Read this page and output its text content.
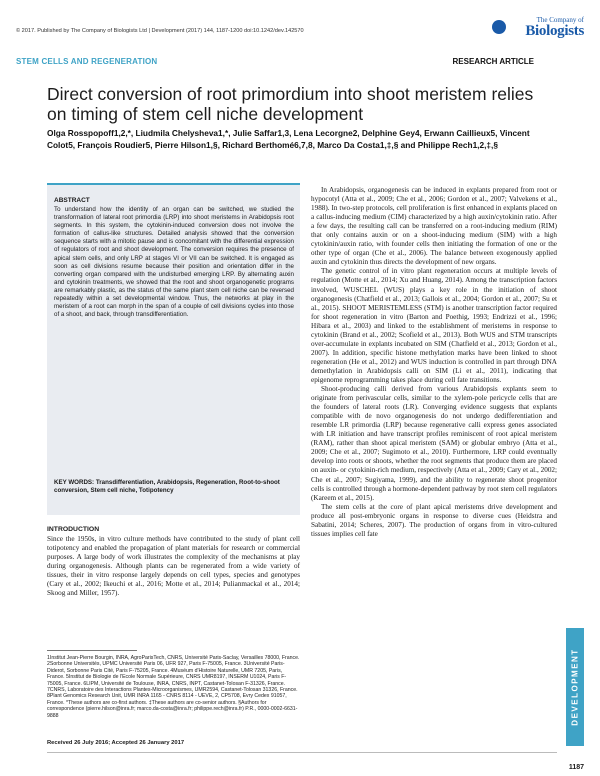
© 2017. Published by The Company of Biologists Ltd | Development (2017) 144, 1187-1200 doi:10.1242/dev.142570
The Company of
Biologists
STEM CELLS AND REGENERATION	RESEARCH ARTICLE
Direct conversion of root primordium into shoot meristem relies on timing of stem cell niche development

Olga Rosspopoff1,2,*, Liudmila Chelysheva1,*, Julie Saffar1,3, Lena Lecorgne2, Delphine Gey4, Erwann Caillieux5, Vincent Colot5, François Roudier5, Pierre Hilson1,§, Richard Berthomé6,7,8, Marco Da Costa1,‡,§ and Philippe Rech1,2,‡,§

ABSTRACT

To understand how the identity of an organ can be switched, we studied the transformation of lateral root primordia (LRP) into shoot meristems in Arabidopsis root segments. In this system, the cytokinin-induced conversion does not involve the formation of callus-like structures. Detailed analysis showed that the conversion sequence starts with a mitotic pause and is concomitant with the differential expression of regulators of root and shoot development. The conversion requires the presence of apical stem cells, and only LRP at stages VI or VII can be switched. It is engaged as soon as cell divisions resume because their position and orientation differ in the converting organ compared with the undisturbed emerging LRP. By alternating auxin and cytokinin treatments, we showed that the root and shoot organogenetic programs are remarkably plastic, as the status of the same plant stem cell niche can be reversed repeatedly within a set developmental window. Thus, the networks at play in the meristem of a root can morph in the span of a couple of cell divisions cycles into those of a shoot, and back, through transdifferentiation.

KEY WORDS: Transdifferentiation, Arabidopsis, Regeneration, Root-to-shoot conversion, Stem cell niche, Totipotency

INTRODUCTION

Since the 1950s, in vitro culture methods have contributed to the study of plant cell totipotency and enabled the propagation of plant materials for research or commercial purposes. A large body of work illustrates the complexity of the mechanisms at play during organogenesis. Although plants can be regenerated from a wide variety of tissues, their in vitro response largely depends on cell types, species and genotypes (Cary et al., 2002; Ikeuchi et al., 2016; Motte et al., 2014; Pulianmackal et al., 2014; Skoog and Miller, 1957).

1Institut Jean-Pierre Bourgin, INRA, AgroParisTech, CNRS, Université Paris-Saclay, Versailles 78000, France. 2Sorbonne Universités, UPMC Université Paris 06, UFR 927, Paris F-75005, France. 3Université Paris-Diderot, Sorbonne Paris Cité, Paris F-75205, France. 4Muséum d'Histoire Naturelle, UMR 7205, Paris, France. 5Institut de Biologie de l'Ecole Normale Supérieure, CNRS UMR8197, INSERM U1024, Paris F-75005, France. 6LIPM, Université de Toulouse, INRA, CNRS, INPT, Castanet-Tolosan F-31326, France. 7CNRS, Laboratoire des Interactions Plantes-Microorganismes, UMR2594, Castanet-Tolosan 31326, France. 8Plant Genomics Research Unit, UMR INRA 1165 - CNRS 8114 - UEVE, 2, CP5708, Evry Cedex 91057, France. *These authors are co-first authors. ‡These authors are co-senior authors. §Authors for correspondence (pierre.hilson@inra.fr; marco.da-costa@inra.fr; philippe.rech@inra.fr) P.R., 0000-0002-6631-9888

Received 26 July 2016; Accepted 26 January 2017

In Arabidopsis, organogenesis can be induced in explants prepared from root or hypocotyl (Atta et al., 2009; Che et al., 2006; Gordon et al., 2007; Valvekens et al., 1988). In two-step protocols, cell proliferation is first enhanced in explants placed on a callus-inducing medium (CIM) characterized by a high auxin/cytokinin ratio. After a few days, the resulting call can be transferred on a root-inducing medium (RIM) that only contains auxin or on a shoot-inducing medium (SIM) with a high cytokinin/auxin ratio, with founder cells then initiating the formation of one or the other type of organ (Che et al., 2006). The balance between exogenously applied auxin and cytokinin thus directs the development of new organs.

The genetic control of in vitro plant regeneration occurs at multiple levels of regulation (Motte et al., 2014; Xu and Huang, 2014). Among the transcription factors involved, WUSCHEL (WUS) plays a key role in the initiation of shoot organogenesis (Chatfield et al., 2013; Gallois et al., 2004; Gordon et al., 2007; Su et al., 2015). SHOOT MERISTEMLESS (STM) is another transcription factor required for shoot regeneration in vitro (Barton and Poethig, 1993; Endrizzi et al., 1996; Hibara et al., 2003) and linked to the establishment of meristems in response to cytokinin (Brand et al., 2002; Scofield et al., 2013). Both WUS and STM transcripts over-accumulate in explants incubated on SIM (Chatfield et al., 2013; Gordon et al., 2007). In addition, specific histone methylation marks have been linked to shoot regeneration (He et al., 2012) and WUS induction is controlled in part through DNA demethylation in Arabidopsis calli on SIM (Li et al., 2011), indicating that epigenome reprogramming takes place during cell fate transitions.

Shoot-producing calli derived from various Arabidopsis explants seem to originate from perivascular cells, similar to the xylem-pole pericycle cells that are the founders of lateral roots (LR). Converging evidence suggests that explants compatible with de novo organogenesis do not undergo dedifferentiation and resemble LR primordia (LRP) because regenerative calli express genes associated with LR initiation and have transcript profiles reminiscent of root apical meristem (RAM), rather than shoot apical meristem (SAM) or globular embryo (Atta et al., 2009; Che et al., 2007; Sugimoto et al., 2010). Furthermore, LRP could eventually develop into roots or shoots, whether the root segments that produce them are placed on auxin- or cytokinin-rich medium, respectively (Atta et al., 2009; Cary et al., 2002; Che et al., 2007; Sugiyama, 1999), and the ability to regenerate shoot progenitor cells is controlled through a hormone-dependent pathway by root stem cell regulators (Kareem et al., 2015).

The stem cells at the core of plant apical meristems drive development and produce all post-embryonic organs in response to diverse cues (Heidstra and Sabatini, 2014; Scheres, 2007). The production of organs from in vitro-cultured tissues implies cell fate

DEVELOPMENT
1187
